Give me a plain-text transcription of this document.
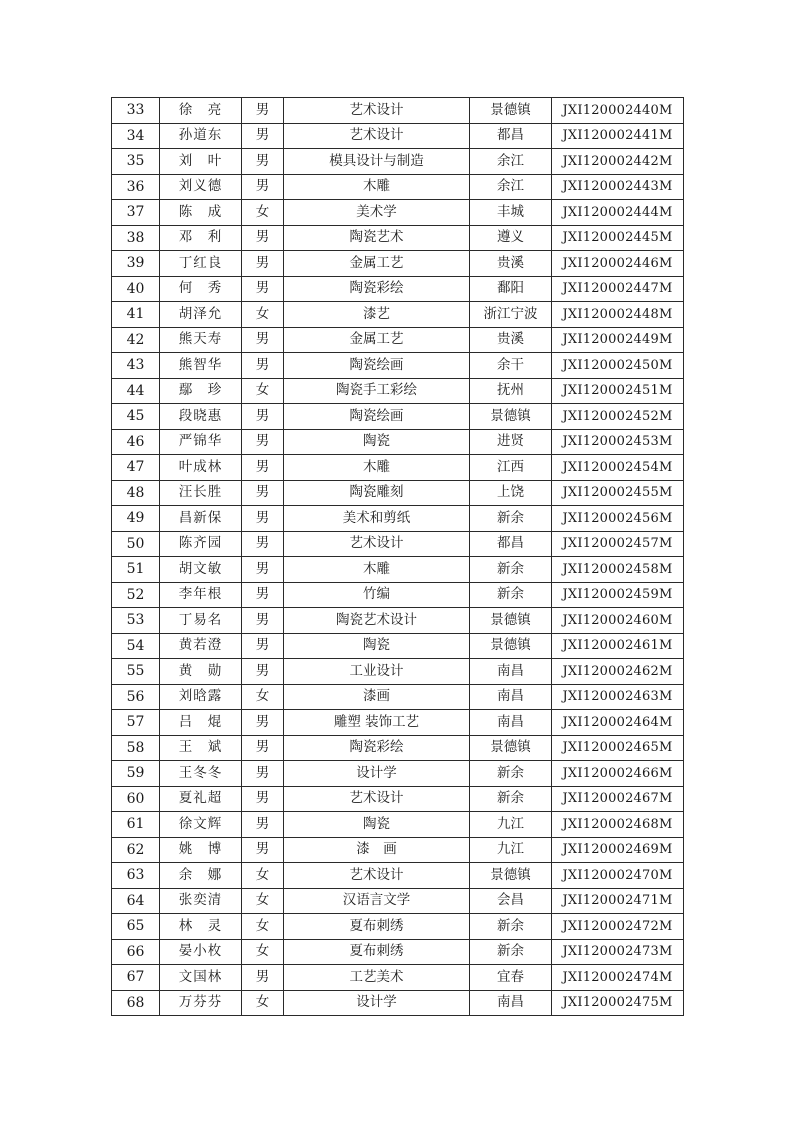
33	徐　亮	男	艺术设计	景德镇	JXI120002440M
34	孙道东	男	艺术设计	都昌	JXI120002441M
35	刘　叶	男	模具设计与制造	余江	JXI120002442M
36	刘义德	男	木雕	余江	JXI120002443M
37	陈　成	女	美术学	丰城	JXI120002444M
38	邓　利	男	陶瓷艺术	遵义	JXI120002445M
39	丁红良	男	金属工艺	贵溪	JXI120002446M
40	何　秀	男	陶瓷彩绘	鄱阳	JXI120002447M
41	胡泽允	女	漆艺	浙江宁波	JXI120002448M
42	熊天寿	男	金属工艺	贵溪	JXI120002449M
43	熊智华	男	陶瓷绘画	余干	JXI120002450M
44	鄢　珍	女	陶瓷手工彩绘	抚州	JXI120002451M
45	段晓惠	男	陶瓷绘画	景德镇	JXI120002452M
46	严锦华	男	陶瓷	进贤	JXI120002453M
47	叶成林	男	木雕	江西	JXI120002454M
48	汪长胜	男	陶瓷雕刻	上饶	JXI120002455M
49	昌新保	男	美术和剪纸	新余	JXI120002456M
50	陈齐园	男	艺术设计	都昌	JXI120002457M
51	胡文敏	男	木雕	新余	JXI120002458M
52	李年根	男	竹编	新余	JXI120002459M
53	丁易名	男	陶瓷艺术设计	景德镇	JXI120002460M
54	黄若澄	男	陶瓷	景德镇	JXI120002461M
55	黄　勋	男	工业设计	南昌	JXI120002462M
56	刘晗露	女	漆画	南昌	JXI120002463M
57	吕　焜	男	雕塑 装饰工艺	南昌	JXI120002464M
58	王　斌	男	陶瓷彩绘	景德镇	JXI120002465M
59	王冬冬	男	设计学	新余	JXI120002466M
60	夏礼超	男	艺术设计	新余	JXI120002467M
61	徐文辉	男	陶瓷	九江	JXI120002468M
62	姚　博	男	漆　画	九江	JXI120002469M
63	余　娜	女	艺术设计	景德镇	JXI120002470M
64	张奕清	女	汉语言文学	会昌	JXI120002471M
65	林　灵	女	夏布刺绣	新余	JXI120002472M
66	晏小枚	女	夏布刺绣	新余	JXI120002473M
67	文国林	男	工艺美术	宜春	JXI120002474M
68	万芬芬	女	设计学	南昌	JXI120002475M
